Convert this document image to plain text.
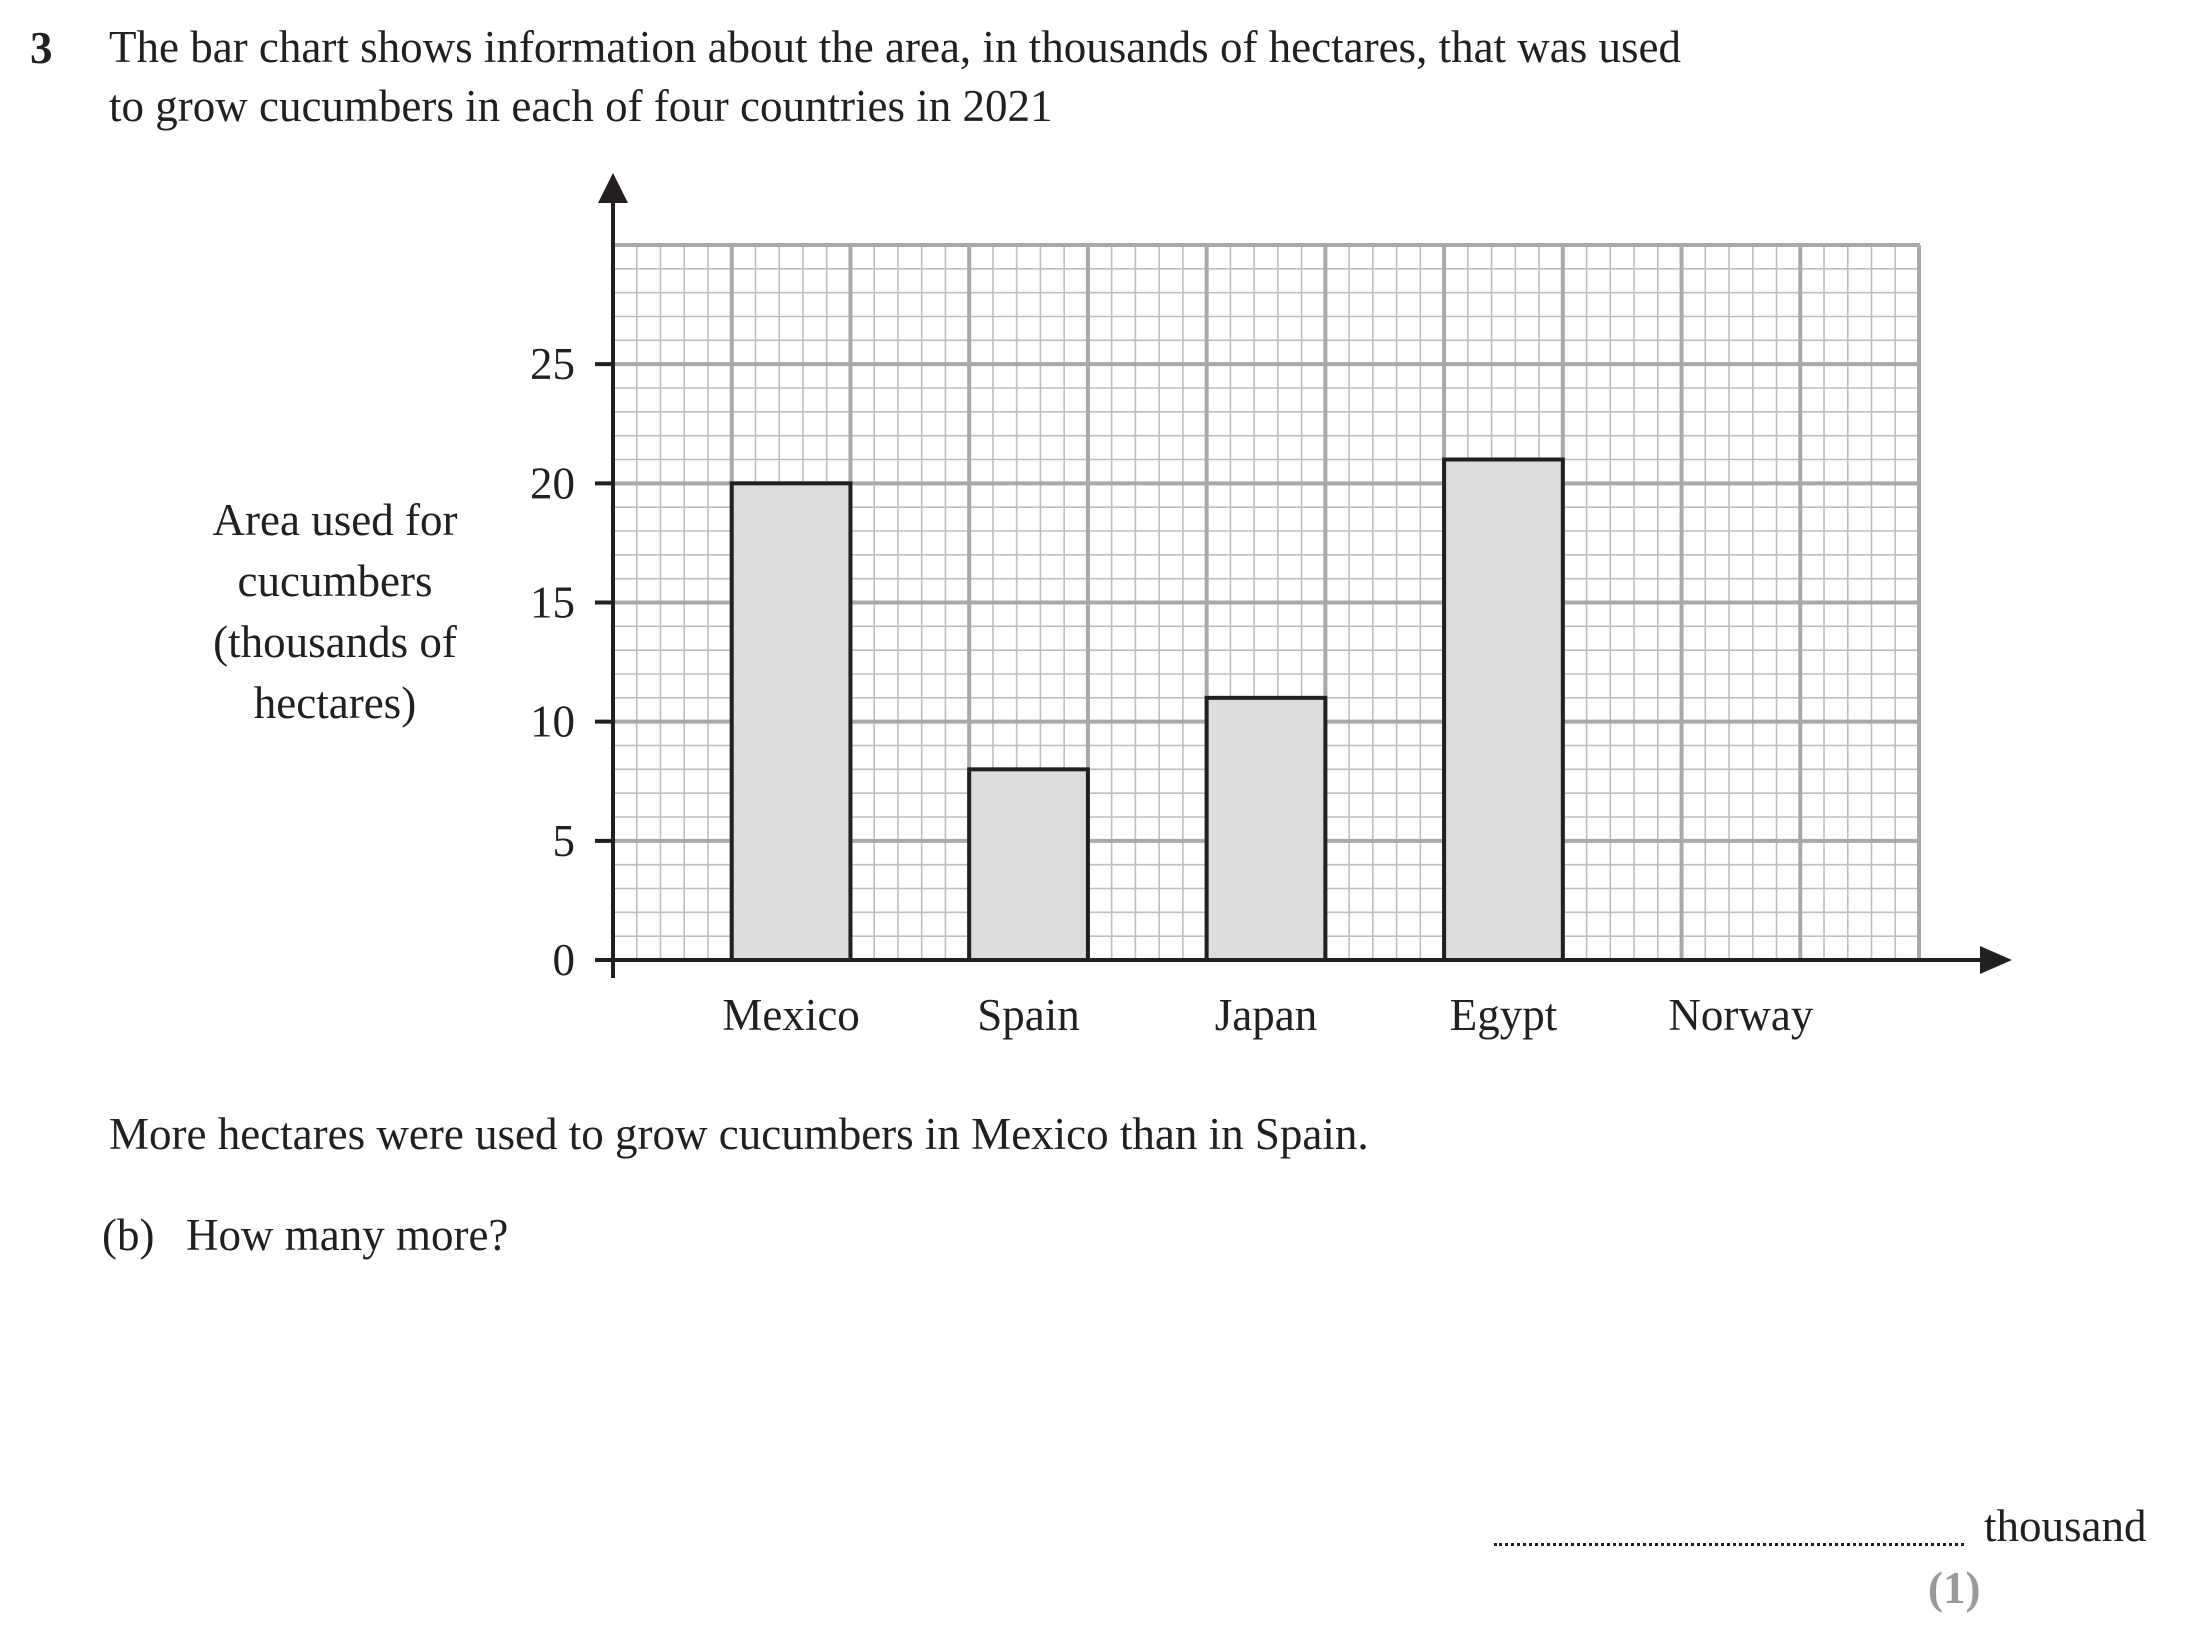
3 The bar chart shows information about the area, in thousands of hectares, that was used
to grow cucumbers in each of four countries in 2021

0
5
10
15
20
25
Mexico	Spain	Japan	Egypt Norway
Area used for
cucumbers
(thousands of
hectares)
More hectares were used to grow cucumbers in Mexico than in Spain.
(b) How many more?
thousand
(1)
